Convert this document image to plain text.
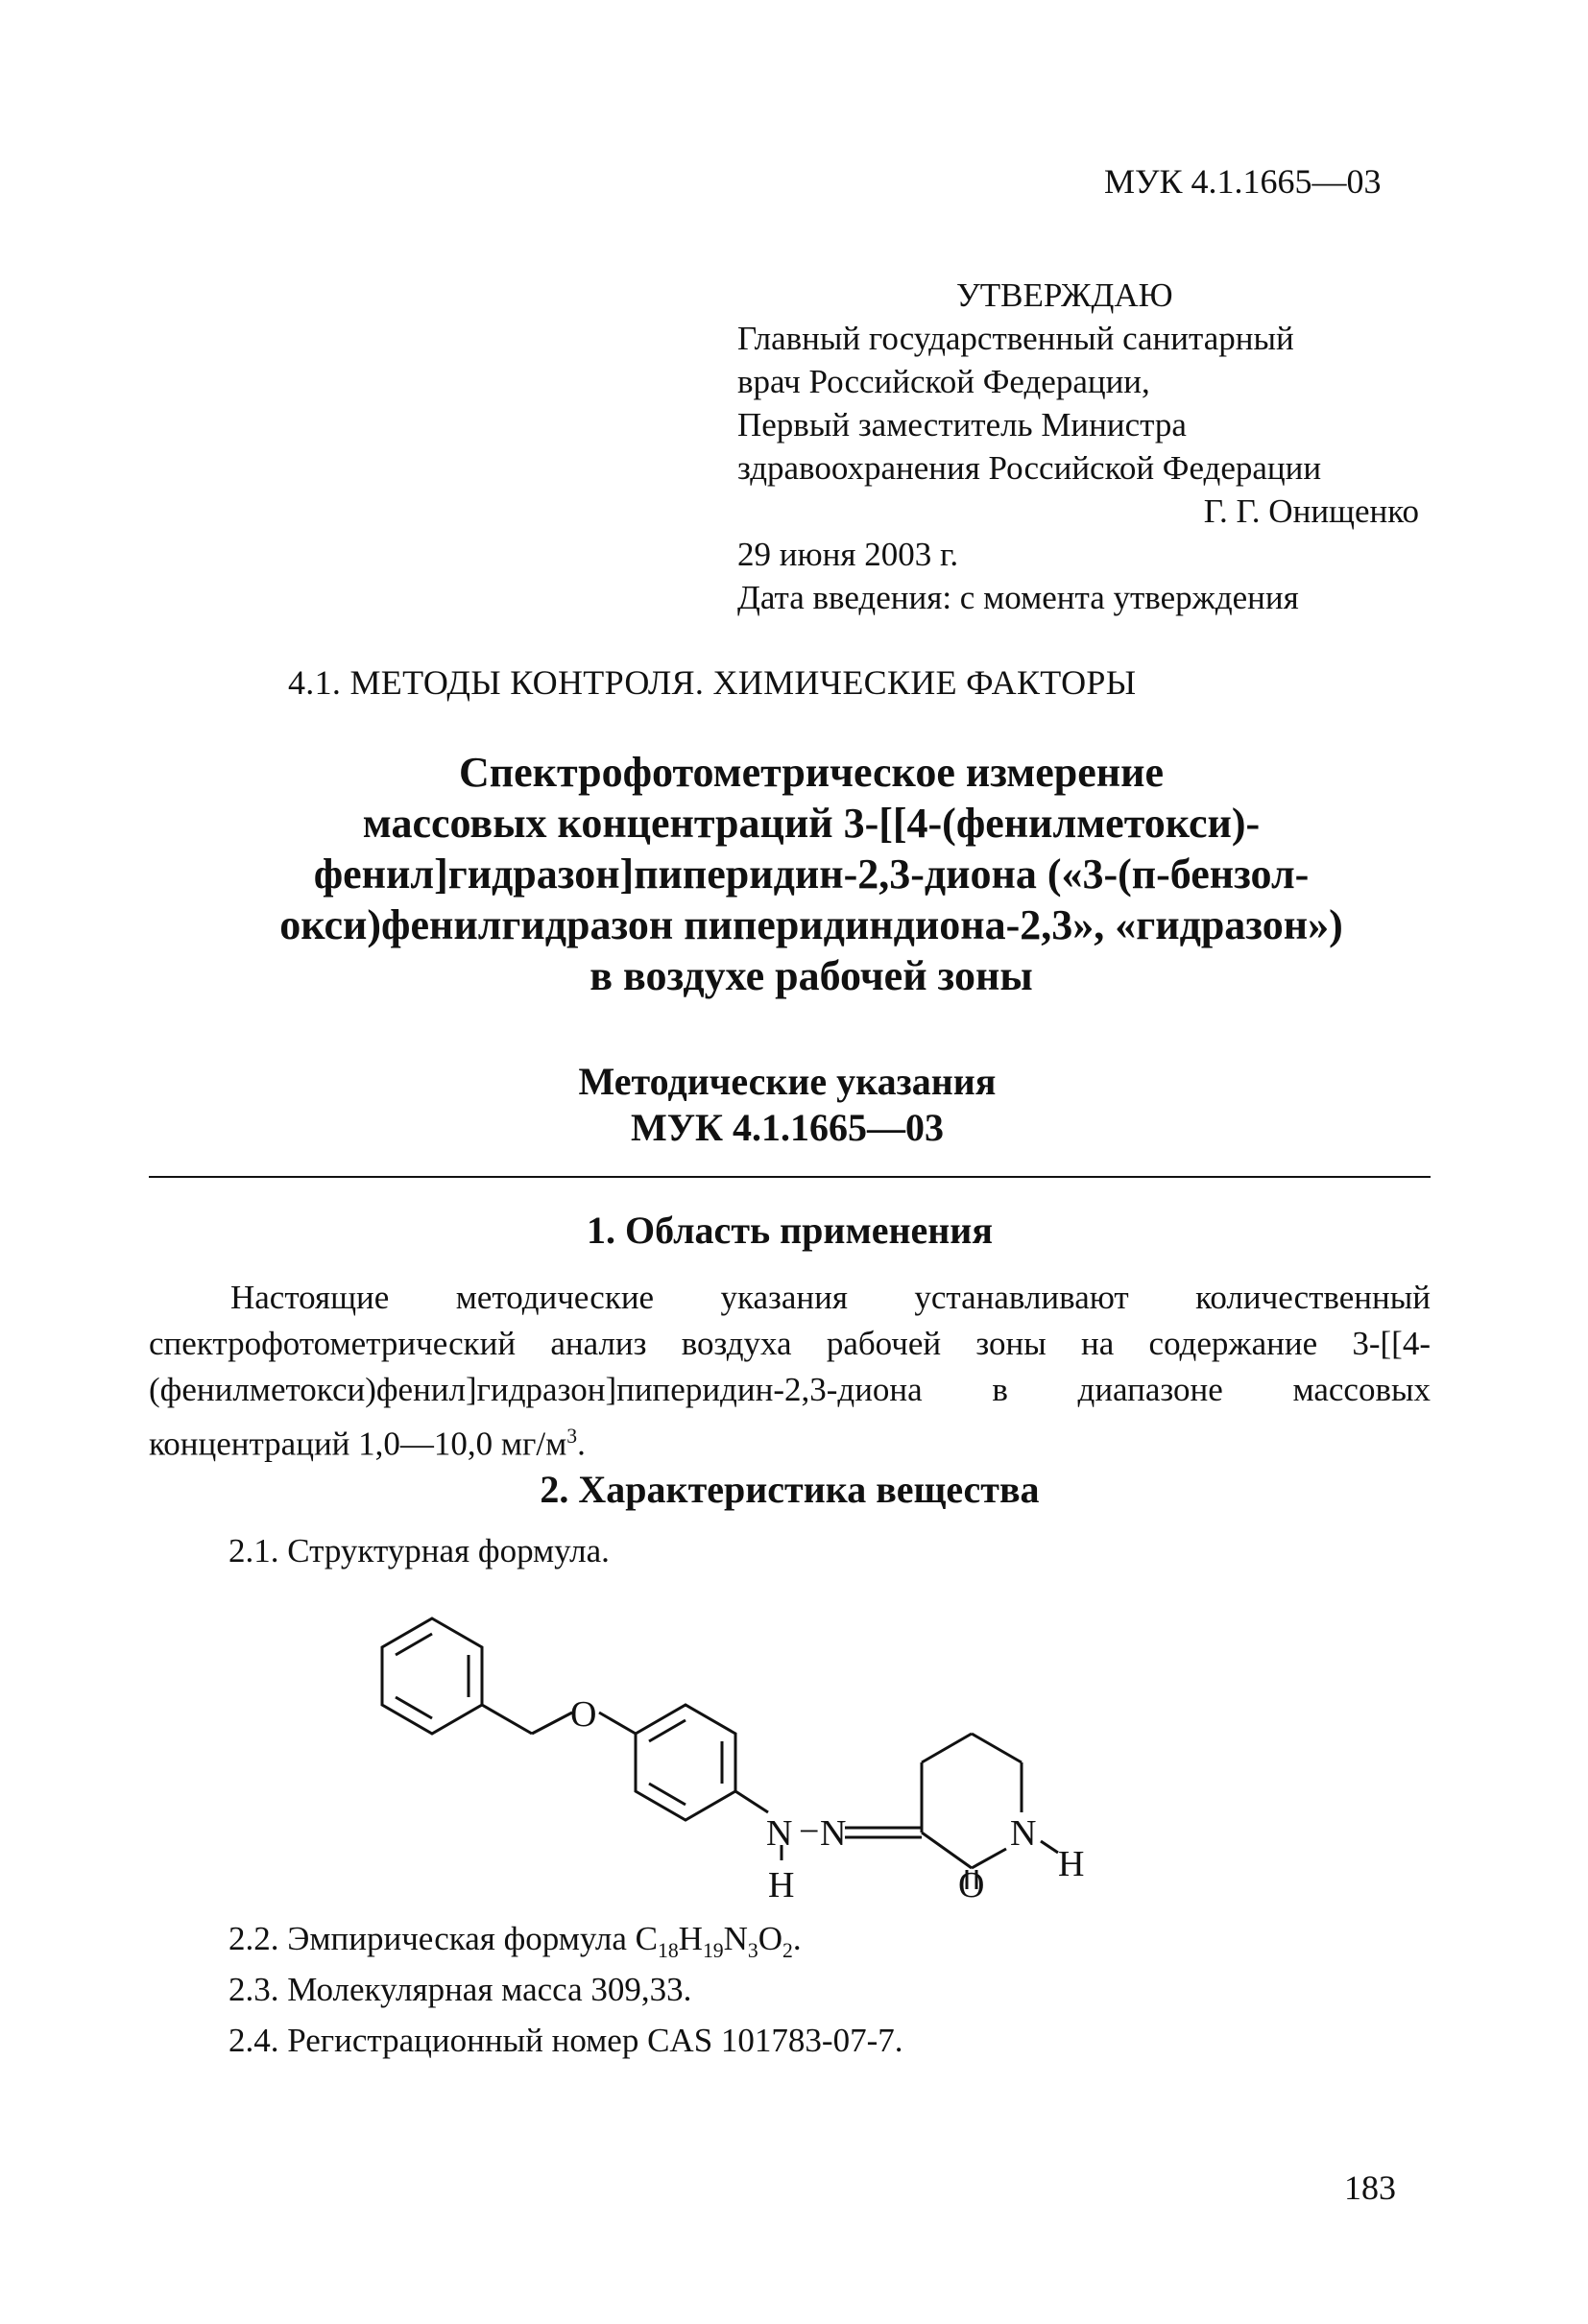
МУК 4.1.1665—03
УТВЕРЖДАЮ
Главный государственный санитарный
врач Российской Федерации,
Первый заместитель Министра
здравоохранения Российской Федерации
Г. Г. Онищенко
29 июня 2003 г.
Дата введения: с момента утверждения
4.1. МЕТОДЫ КОНТРОЛЯ. ХИМИЧЕСКИЕ ФАКТОРЫ
Спектрофотометрическое измерение
массовых концентраций 3-[[4-(фенилметокси)-
фенил]гидразон]пиперидин-2,3-диона («3-(п-бензол-
окси)фенилгидразон пиперидиндиона-2,3», «гидразон»)
в воздухе рабочей зоны
Методические указания
МУК 4.1.1665—03
1. Область применения
Настоящие методические указания устанавливают количественный спектрофотометрический анализ воздуха рабочей зоны на содержание 3-[[4-(фенилметокси)фенил]гидразон]пиперидин-2,3-диона в диапазоне массовых концентраций 1,0—10,0 $мг/м^3$.
2. Характеристика вещества
2.1. Структурная формула.
O
N − N
H
N
H
O
2.2. Эмпирическая формула $C_{18}H_{19}N_3O_2$.
2.3. Молекулярная масса 309,33.
2.4. Регистрационный номер CAS 101783-07-7.
183
